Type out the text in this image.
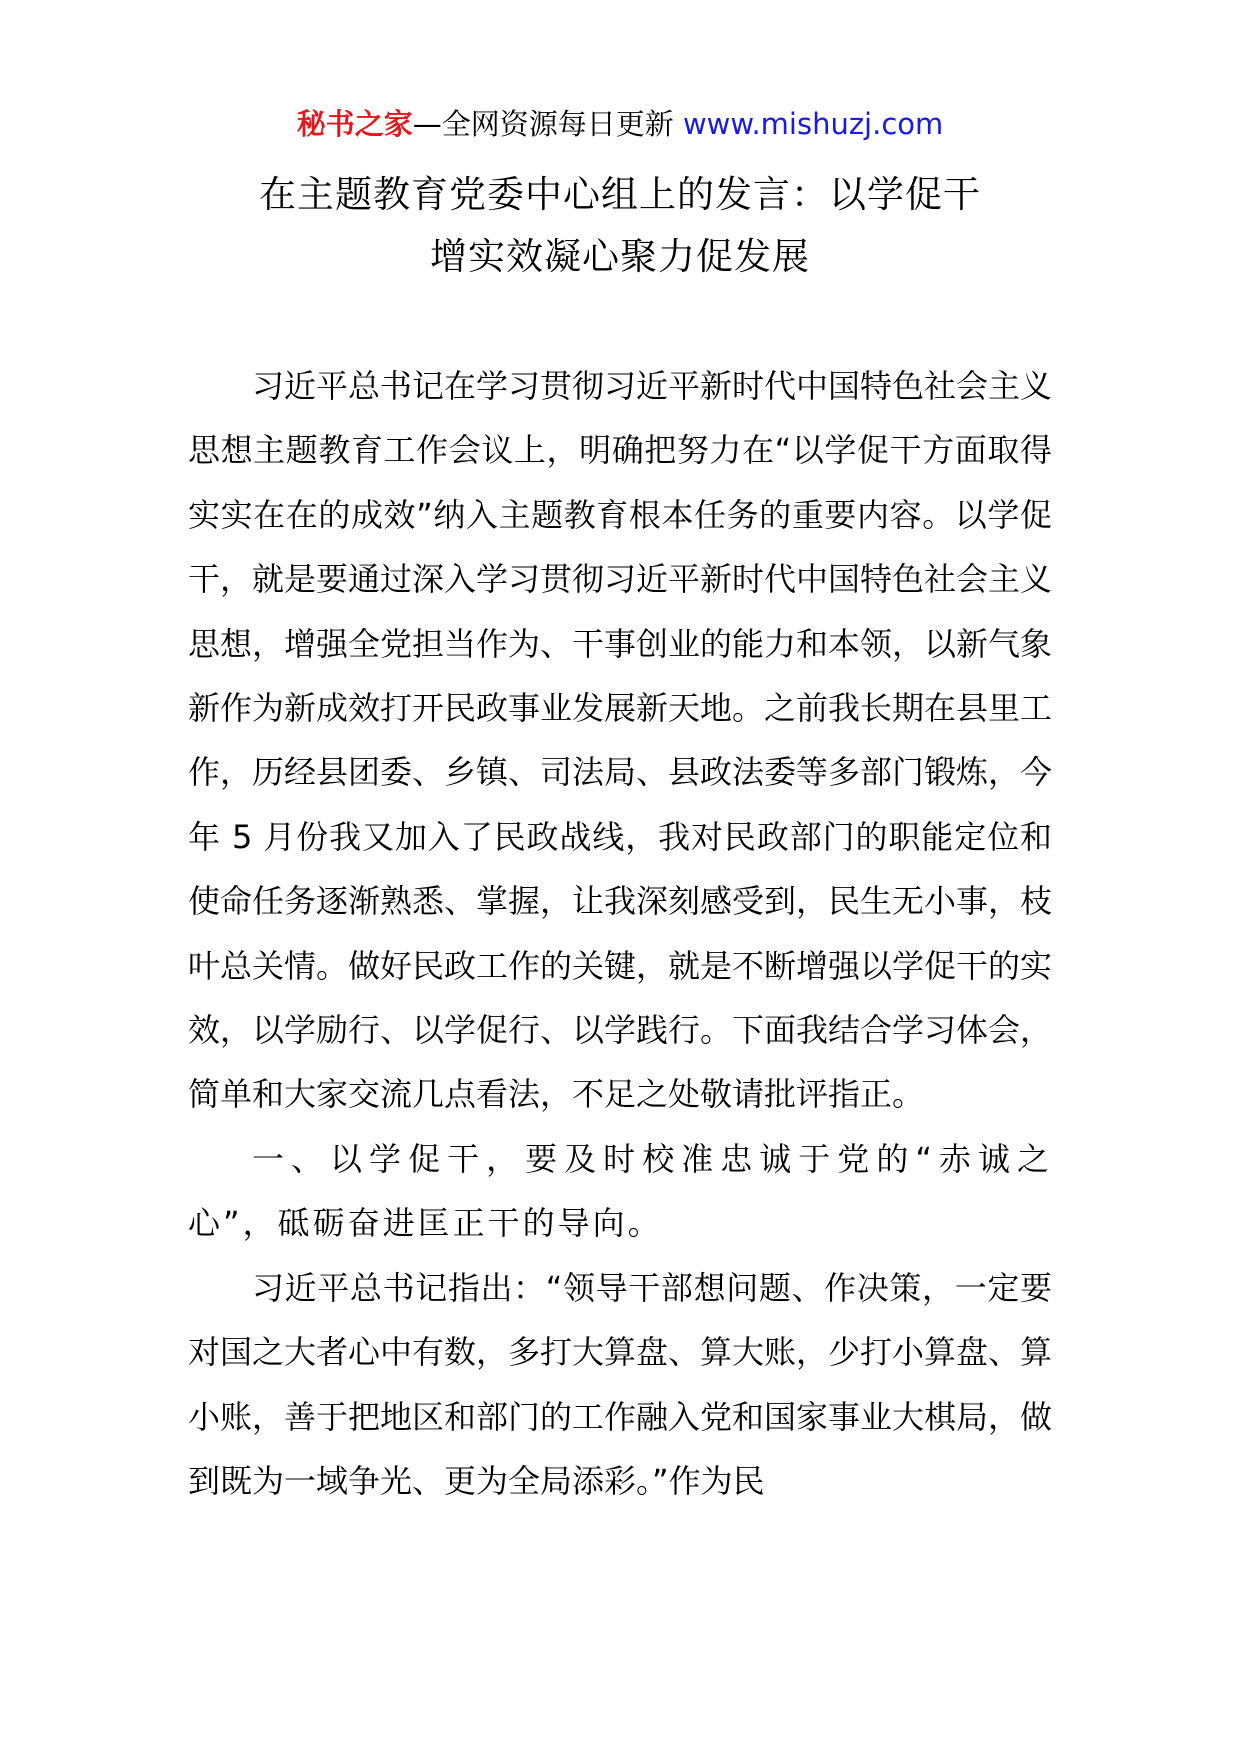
秘书之家—全网资源每日更新 www.mishuzj.com
在主题教育党委中心组上的发言：以学促干
增实效凝心聚力促发展

习近平总书记在学习贯彻习近平新时代中国特色社会主义思想主题教育工作会议上，明确把努力在“以学促干方面取得实实在在的成效”纳入主题教育根本任务的重要内容。以学促干，就是要通过深入学习贯彻习近平新时代中国特色社会主义思想，增强全党担当作为、干事创业的能力和本领，以新气象新作为新成效打开民政事业发展新天地。之前我长期在县里工作，历经县团委、乡镇、司法局、县政法委等多部门锻炼，今年 5 月份我又加入了民政战线，我对民政部门的职能定位和使命任务逐渐熟悉、掌握，让我深刻感受到，民生无小事，枝叶总关情。做好民政工作的关键，就是不断增强以学促干的实效，以学励行、以学促行、以学践行。下面我结合学习体会，简单和大家交流几点看法，不足之处敬请批评指正。

一、以学促干，要及时校准忠诚于党的“赤诚之心”，砥砺奋进匡正干的导向。

习近平总书记指出：“领导干部想问题、作决策，一定要对国之大者心中有数，多打大算盘、算大账，少打小算盘、算小账，善于把地区和部门的工作融入党和国家事业大棋局，做到既为一域争光、更为全局添彩。”作为民
